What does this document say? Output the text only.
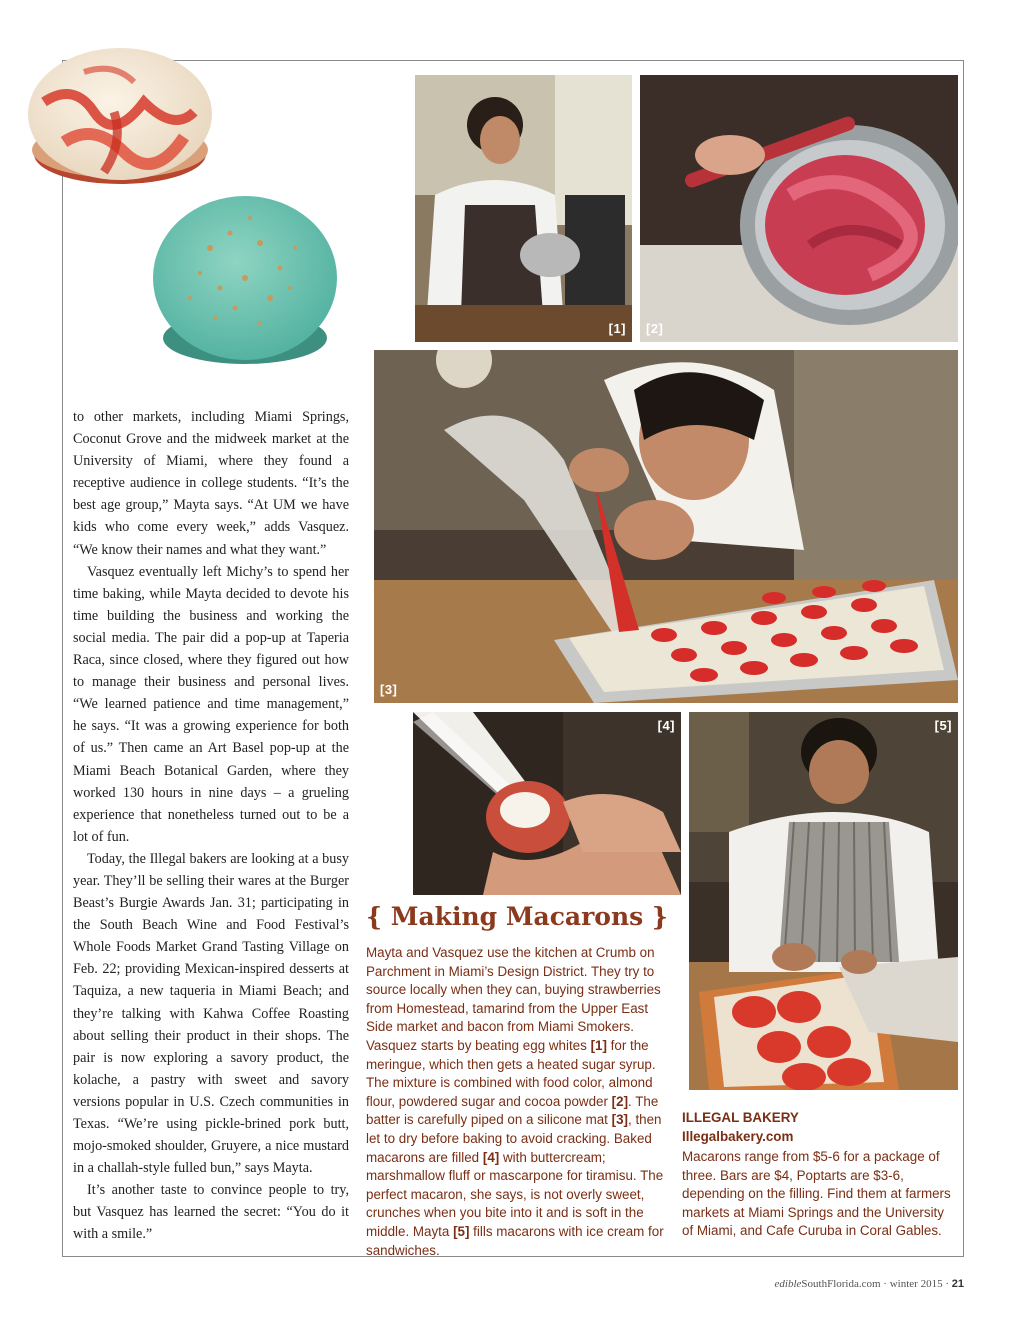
[1] [2]
[3]
[4]	[5]

to other markets, including Miami Springs, Coconut Grove and the midweek market at the University of Miami, where they found a receptive audience in college students. “It’s the best age group,” Mayta says. “At UM we have kids who come every week,” adds Vasquez. “We know their names and what they want.”

Vasquez eventually left Michy’s to spend her time baking, while Mayta decided to devote his time building the business and working the social media. The pair did a pop-up at Taperia Raca, since closed, where they figured out how to manage their business and personal lives. “We learned patience and time management,” he says. “It was a growing experience for both of us.” Then came an Art Basel pop-up at the Miami Beach Botanical Garden, where they worked 130 hours in nine days – a grueling experience that nonetheless turned out to be a lot of fun.

Today, the Illegal bakers are looking at a busy year. They’ll be selling their wares at the Burger Beast’s Burgie Awards Jan. 31; participating in the South Beach Wine and Food Festival’s Whole Foods Market Grand Tasting Village on Feb. 22; providing Mexican-inspired desserts at Taquiza, a new taqueria in Miami Beach; and they’re talking with Kahwa Coffee Roasting about selling their product in their shops. The pair is now exploring a savory product, the kolache, a pastry with sweet and savory versions popular in U.S. Czech communities in Texas. “We’re using pickle-brined pork butt, mojo-smoked shoulder, Gruyere, a nice mustard in a challah-style fulled bun,” says Mayta.

It’s another taste to convince people to try, but Vasquez has learned the secret: “You do it with a smile.”

{ Making Macarons }
Mayta and Vasquez use the kitchen at Crumb on Parchment in Miami’s Design District. They try to source locally when they can, buying strawberries from Homestead, tamarind from the Upper East Side market and bacon from Miami Smokers. Vasquez starts by beating egg whites [1] for the meringue, which then gets a heated sugar syrup. The mixture is combined with food color, almond flour, powdered sugar and cocoa powder [2]. The batter is carefully piped on a silicone mat [3], then let to dry before baking to avoid cracking. Baked macarons are filled [4] with buttercream; marshmallow fluff or mascarpone for tiramisu. The perfect macaron, she says, is not overly sweet, crunches when you bite into it and is soft in the middle. Mayta [5] fills macarons with ice cream for sandwiches.
ILLEGAL BAKERY
Illegalbakery.com
Macarons range from $5-6 for a package of three. Bars are $4, Poptarts are $3-6, depending on the filling. Find them at farmers markets at Miami Springs and the University of Miami, and Cafe Curuba in Coral Gables.
edibleSouthFlorida.com · winter 2015 · 21
